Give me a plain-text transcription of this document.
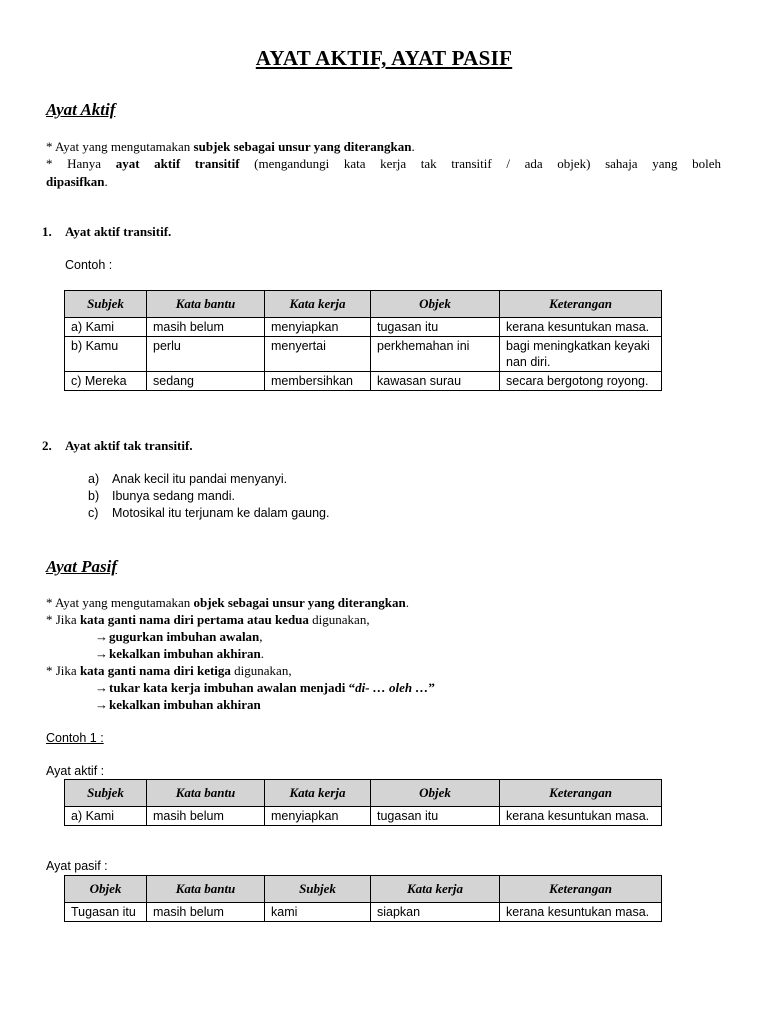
AYAT AKTIF, AYAT PASIF
Ayat Aktif
* Ayat yang mengutamakan subjek sebagai unsur yang diterangkan.
* Hanya ayat aktif transitif (mengandungi kata kerja tak transitif / ada objek) sahaja yang boleh
dipasifkan.
1. Ayat aktif transitif.
Contoh :
Subjek	Kata bantu	Kata kerja	Objek	Keterangan
a) Kami	masih belum	menyiapkan	tugasan itu	kerana kesuntukan masa.
b) Kamu	perlu	menyertai	perkhemahan ini	bagi meningkatkan keyakinan diri.
c) Mereka	sedang	membersihkan	kawasan surau	secara bergotong royong.
2. Ayat aktif tak transitif.
a) Anak kecil itu pandai menyanyi.
b) Ibunya sedang mandi.
c) Motosikal itu terjunam ke dalam gaung.
Ayat Pasif
* Ayat yang mengutamakan objek sebagai unsur yang diterangkan.
* Jika kata ganti nama diri pertama atau kedua digunakan,
→gugurkan imbuhan awalan,
→kekalkan imbuhan akhiran.
* Jika kata ganti nama diri ketiga digunakan,
→tukar kata kerja imbuhan awalan menjadi “di- … oleh …”
→kekalkan imbuhan akhiran
Contoh 1 :
Ayat aktif :
Subjek	Kata bantu	Kata kerja	Objek	Keterangan
a) Kami	masih belum	menyiapkan	tugasan itu	kerana kesuntukan masa.
Ayat pasif :
Objek	Kata bantu	Subjek	Kata kerja	Keterangan
Tugasan itu	masih belum	kami	siapkan	kerana kesuntukan masa.
